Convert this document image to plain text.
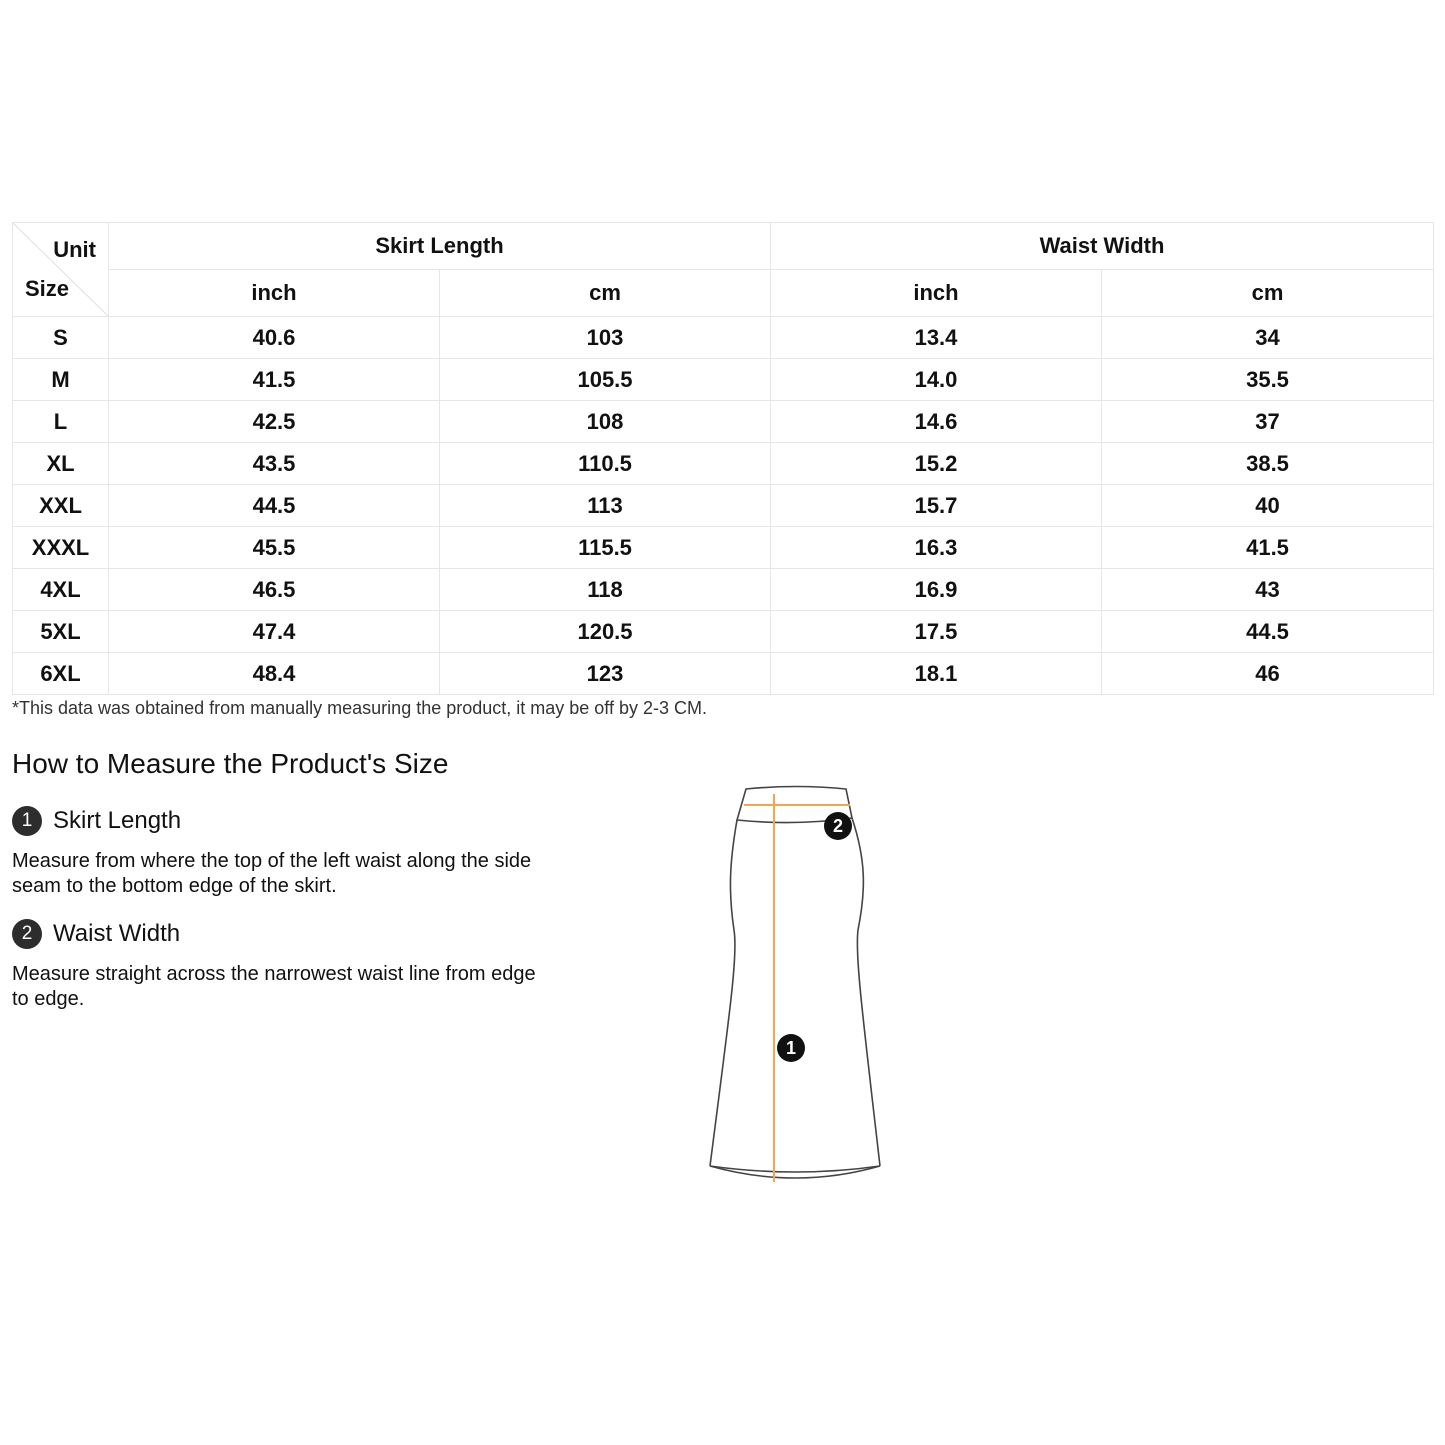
Unit
Size	Skirt Length		Waist Width	
	inch	cm	inch	cm
S	40.6	103	13.4	34
M	41.5	105.5	14.0	35.5
L	42.5	108	14.6	37
XL	43.5	110.5	15.2	38.5
XXL	44.5	113	15.7	40
XXXL	45.5	115.5	16.3	41.5
4XL	46.5	118	16.9	43
5XL	47.4	120.5	17.5	44.5
6XL	48.4	123	18.1	46
*This data was obtained from manually measuring the product, it may be off by 2-3 CM.
How to Measure the Product's Size
1 Skirt Length
Measure from where the top of the left waist along the side seam to the bottom edge of the skirt.
2 Waist Width
Measure straight across the narrowest waist line from edge to edge.
1
2
